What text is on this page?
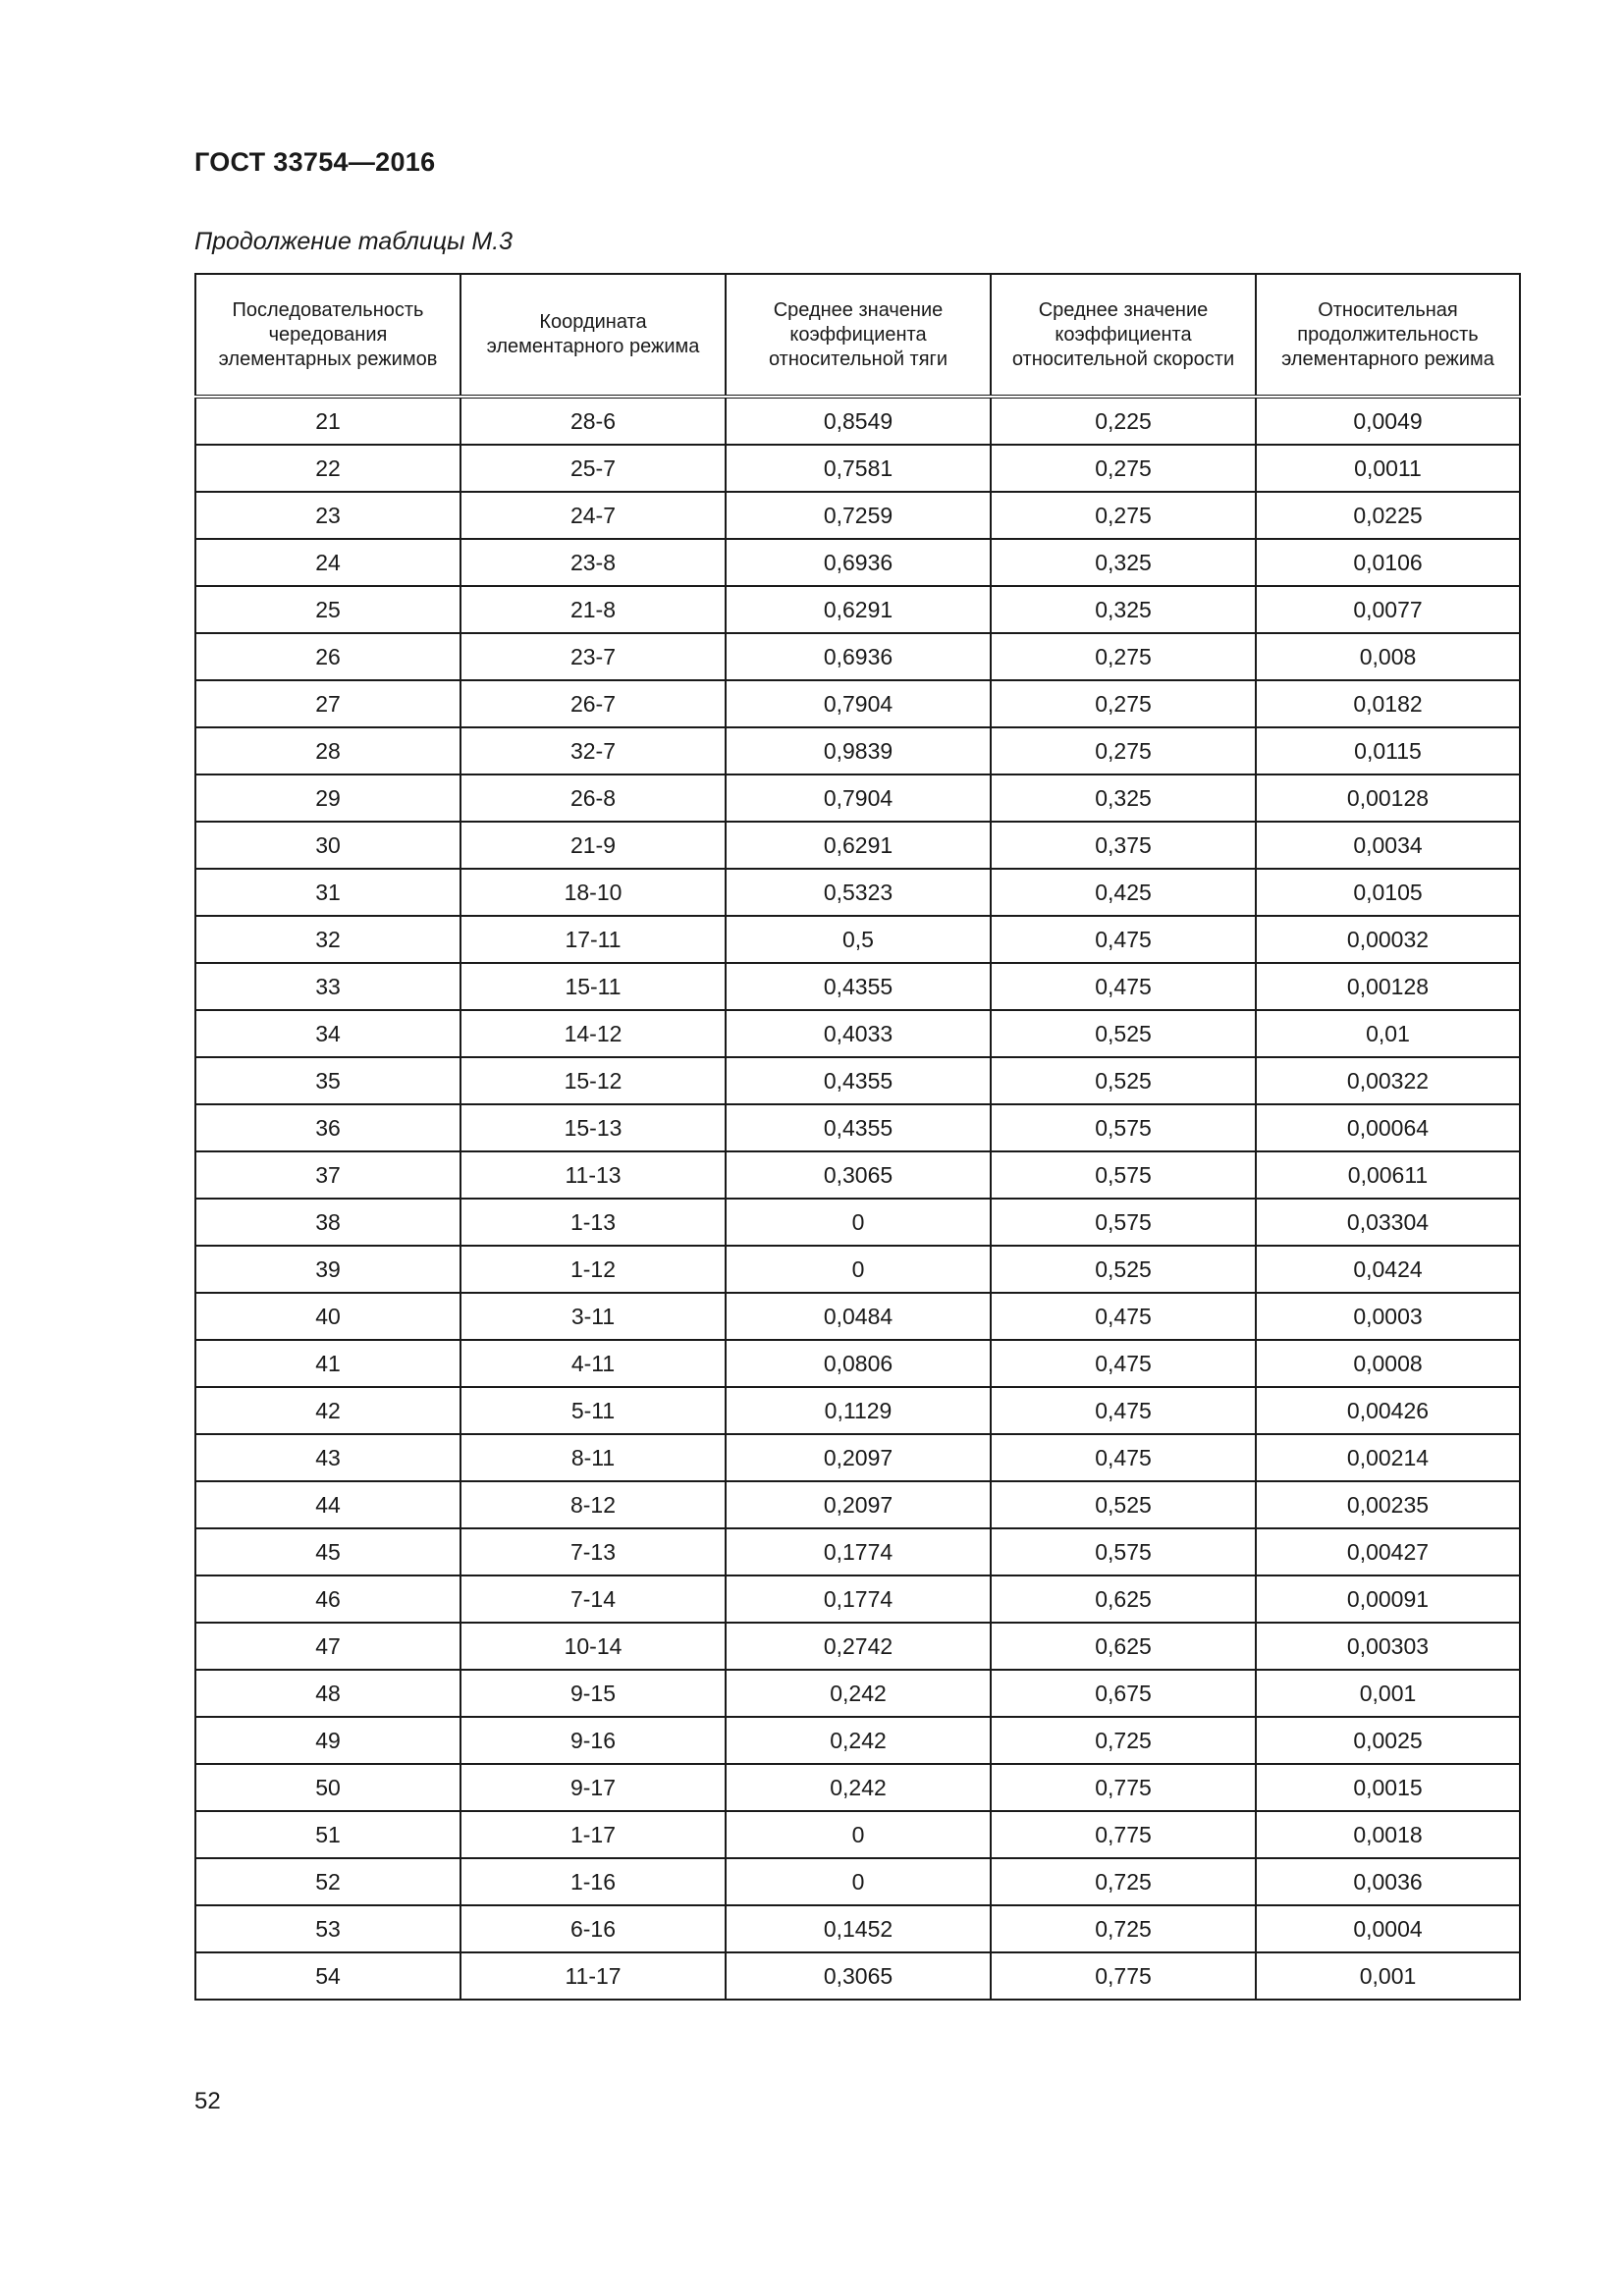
ГОСТ 33754—2016
Продолжение таблицы М.3
Последовательность чередования элементарных режимов	Координата элементарного режима	Среднее значение коэффициента относительной тяги	Среднее значение коэффициента относительной скорости	Относительная продолжительность элементарного режима
21	28-6	0,8549	0,225	0,0049
22	25-7	0,7581	0,275	0,0011
23	24-7	0,7259	0,275	0,0225
24	23-8	0,6936	0,325	0,0106
25	21-8	0,6291	0,325	0,0077
26	23-7	0,6936	0,275	0,008
27	26-7	0,7904	0,275	0,0182
28	32-7	0,9839	0,275	0,0115
29	26-8	0,7904	0,325	0,00128
30	21-9	0,6291	0,375	0,0034
31	18-10	0,5323	0,425	0,0105
32	17-11	0,5	0,475	0,00032
33	15-11	0,4355	0,475	0,00128
34	14-12	0,4033	0,525	0,01
35	15-12	0,4355	0,525	0,00322
36	15-13	0,4355	0,575	0,00064
37	11-13	0,3065	0,575	0,00611
38	1-13	0	0,575	0,03304
39	1-12	0	0,525	0,0424
40	3-11	0,0484	0,475	0,0003
41	4-11	0,0806	0,475	0,0008
42	5-11	0,1129	0,475	0,00426
43	8-11	0,2097	0,475	0,00214
44	8-12	0,2097	0,525	0,00235
45	7-13	0,1774	0,575	0,00427
46	7-14	0,1774	0,625	0,00091
47	10-14	0,2742	0,625	0,00303
48	9-15	0,242	0,675	0,001
49	9-16	0,242	0,725	0,0025
50	9-17	0,242	0,775	0,0015
51	1-17	0	0,775	0,0018
52	1-16	0	0,725	0,0036
53	6-16	0,1452	0,725	0,0004
54	11-17	0,3065	0,775	0,001
52
